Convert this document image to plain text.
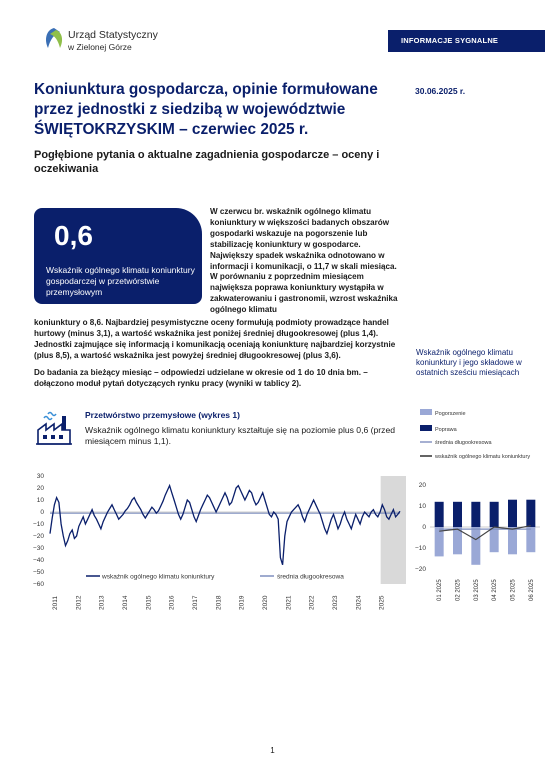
Urząd Statystyczny
w Zielonej Górze
INFORMACJE SYGNALNE
Koniunktura gospodarcza, opinie formułowane przez jednostki z siedzibą w województwie ŚWIĘTOKRZYSKIM – czerwiec 2025 r.
30.06.2025 r.
Pogłębione pytania o aktualne zagadnienia gospodarcze – oceny i oczekiwania
0,6
Wskaźnik ogólnego klimatu koniunktury gospodarczej w przetwórstwie przemysłowym
W czerwcu br. wskaźnik ogólnego klimatu koniunktury w większości badanych obszarów gospodarki wskazuje na pogorszenie lub stabilizację koniunktury w gospodarce. Największy spadek wskaźnika odnotowano w informacji i komunikacji, o 11,7 w skali miesiąca. W porównaniu z poprzednim miesiącem największa poprawa koniunktury wystąpiła w zakwaterowaniu i gastronomii, wzrost wskaźnika ogólnego klimatu
koniunktury o 8,6. Najbardziej pesymistyczne oceny formułują podmioty prowadzące handel hurtowy (minus 3,1), a wartość wskaźnika jest poniżej średniej długookresowej (plus 1,4). Jednostki zajmujące się informacją i komunikacją oceniają koniunkturę najbardziej korzystnie (plus 8,5), a wartość wskaźnika jest powyżej średniej długookresowej (plus 3,6).
Do badania za bieżący miesiąc – odpowiedzi udzielane w okresie od 1 do 10 dnia bm. – dołączono moduł pytań dotyczących rynku pracy (wyniki w tablicy 2).
Wskaźnik ogólnego klimatu koniunktury i jego składowe w ostatnich sześciu miesiącach
Przetwórstwo przemysłowe (wykres 1)
Wskaźnik ogólnego klimatu koniunktury kształtuje się na poziomie plus 0,6 (przed miesiącem minus 1,1).
30
20
10
0
−10
−20
−30
−40
−50
−60
2011	2012	2013	2014	2015	2016	2017	2018	2019	2020	2021	2022	2023	2024	2025
wskaźnik ogólnego klimatu koniunktury	średnia długookresowa
Pogorszenie
Poprawa
średnia długookresowa
wskaźnik ogólnego klimatu koniunktury
20
10
0
−10
−20
01 2025 02 2025 03 2025 04 2025 05 2025 06 2025
1
